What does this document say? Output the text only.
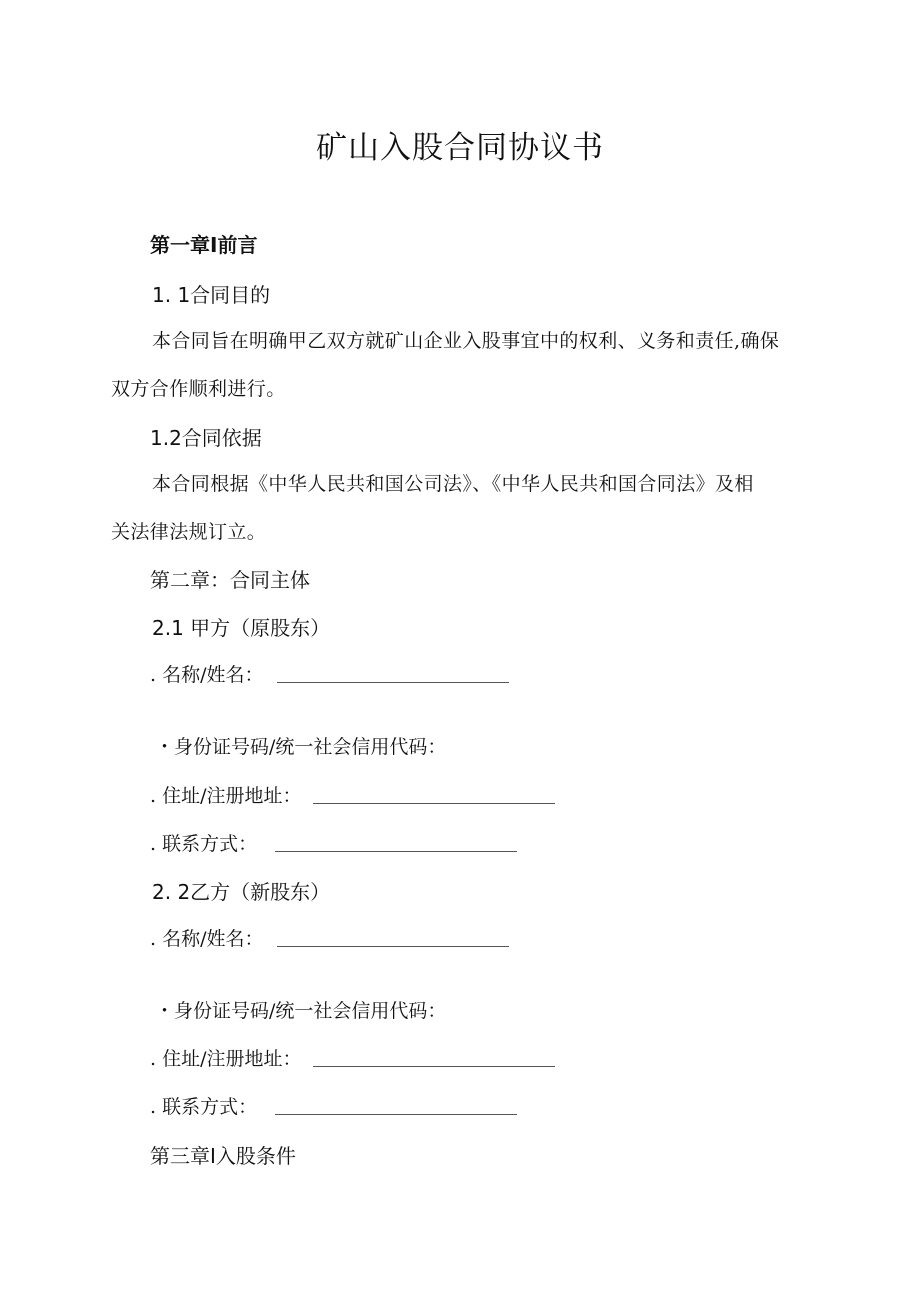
矿山入股合同协议书

第一章I前言

1. 1合同目的

本合同旨在明确甲乙双方就矿山企业入股事宜中的权利、义务和责任,确保

双方合作顺利进行。

1.2合同依据

本合同根据《中华人民共和国公司法》、《中华人民共和国合同法》及相

关法律法规订立。

第二章：合同主体

2.1 甲方（原股东）

. 名称/姓名：
・身份证号码/统一社会信用代码：
. 住址/注册地址：
. 联系方式：

2. 2乙方（新股东）

. 名称/姓名：
・身份证号码/统一社会信用代码：
. 住址/注册地址：
. 联系方式：

第三章I入股条件
